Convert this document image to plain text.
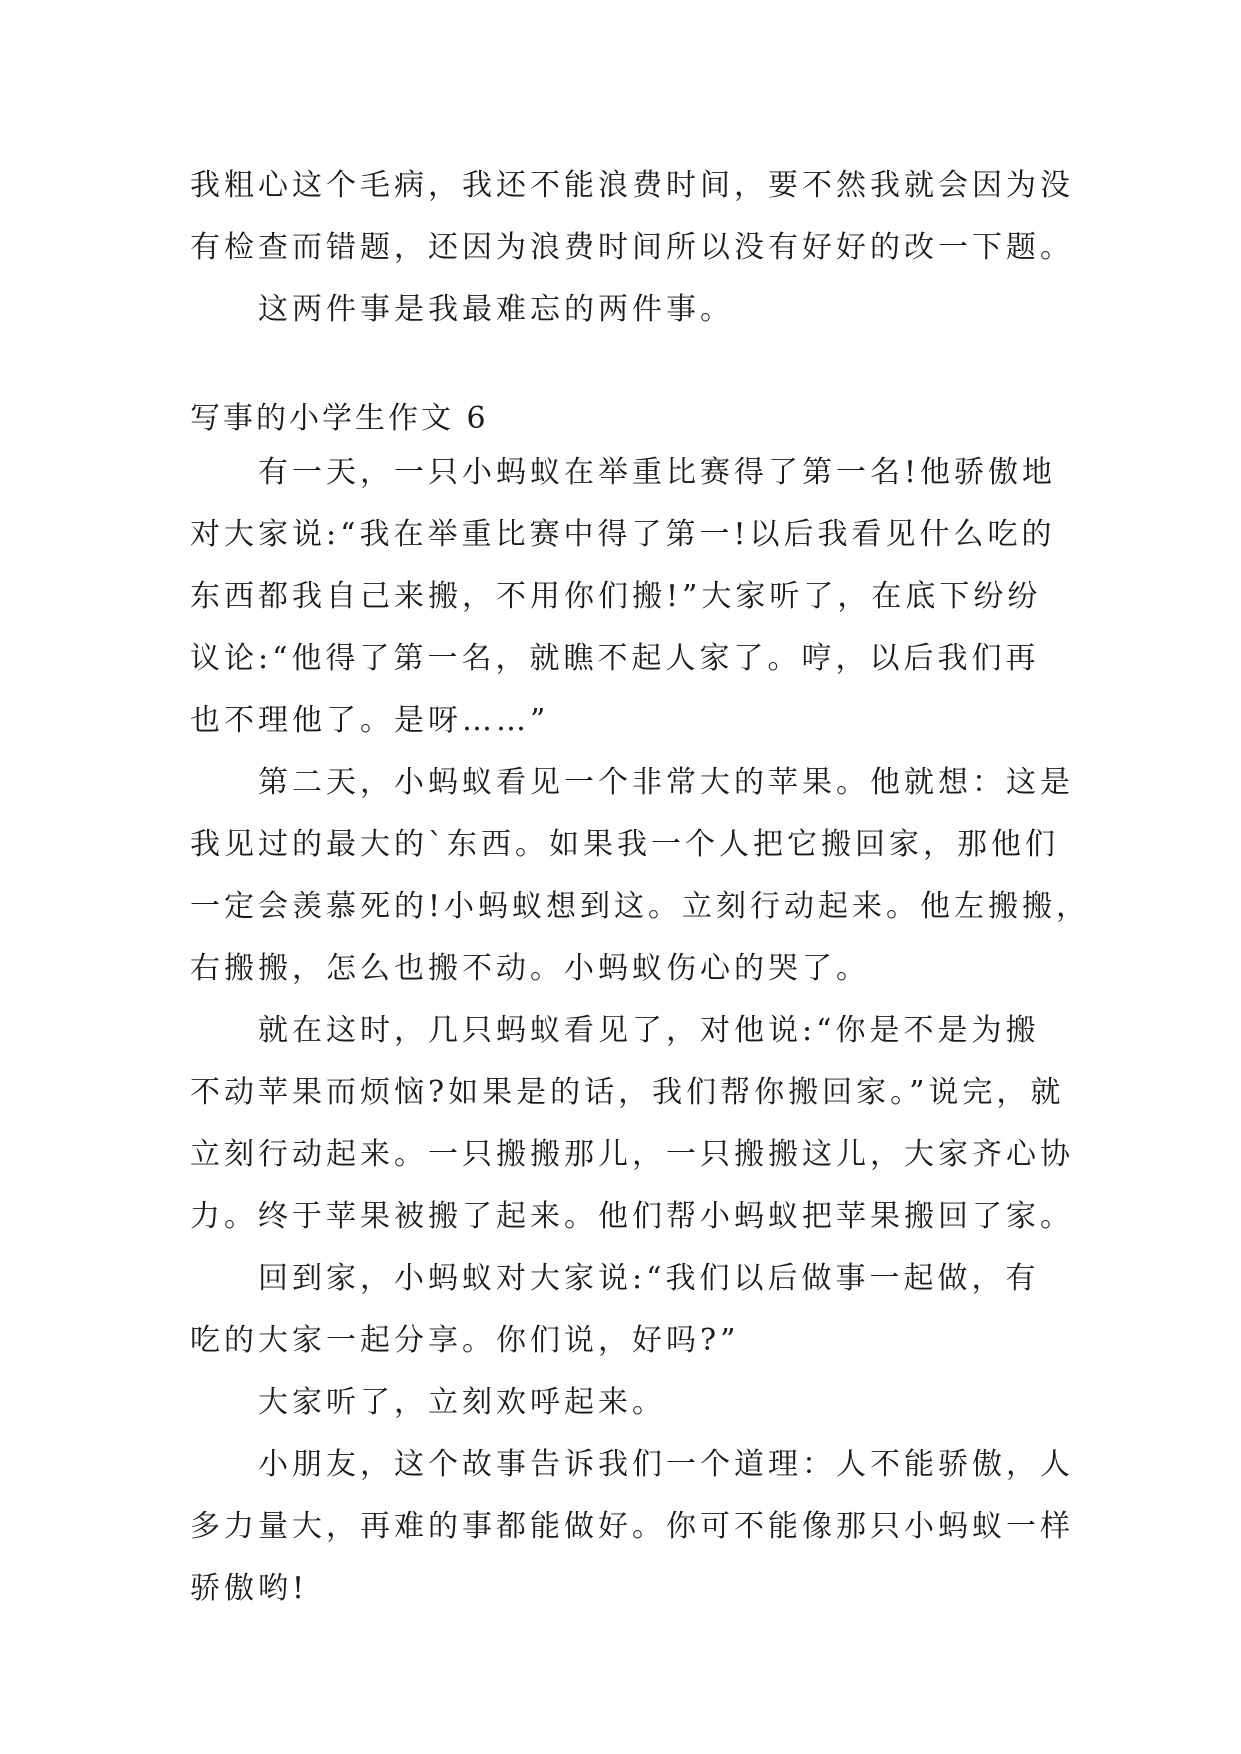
我粗心这个毛病，我还不能浪费时间，要不然我就会因为没

有检查而错题，还因为浪费时间所以没有好好的改一下题。

这两件事是我最难忘的两件事。

写事的小学生作文 6

有一天，一只小蚂蚁在举重比赛得了第一名!他骄傲地

对大家说:“我在举重比赛中得了第一!以后我看见什么吃的

东西都我自己来搬，不用你们搬!”大家听了，在底下纷纷

议论:“他得了第一名，就瞧不起人家了。哼，以后我们再

也不理他了。是呀……”

第二天，小蚂蚁看见一个非常大的苹果。他就想：这是

我见过的最大的`东西。如果我一个人把它搬回家，那他们

一定会羡慕死的!小蚂蚁想到这。立刻行动起来。他左搬搬，

右搬搬，怎么也搬不动。小蚂蚁伤心的哭了。

就在这时，几只蚂蚁看见了，对他说:“你是不是为搬

不动苹果而烦恼?如果是的话，我们帮你搬回家。”说完，就

立刻行动起来。一只搬搬那儿，一只搬搬这儿，大家齐心协

力。终于苹果被搬了起来。他们帮小蚂蚁把苹果搬回了家。

回到家，小蚂蚁对大家说:“我们以后做事一起做，有

吃的大家一起分享。你们说，好吗?”

大家听了，立刻欢呼起来。

小朋友，这个故事告诉我们一个道理：人不能骄傲，人

多力量大，再难的事都能做好。你可不能像那只小蚂蚁一样

骄傲哟!
